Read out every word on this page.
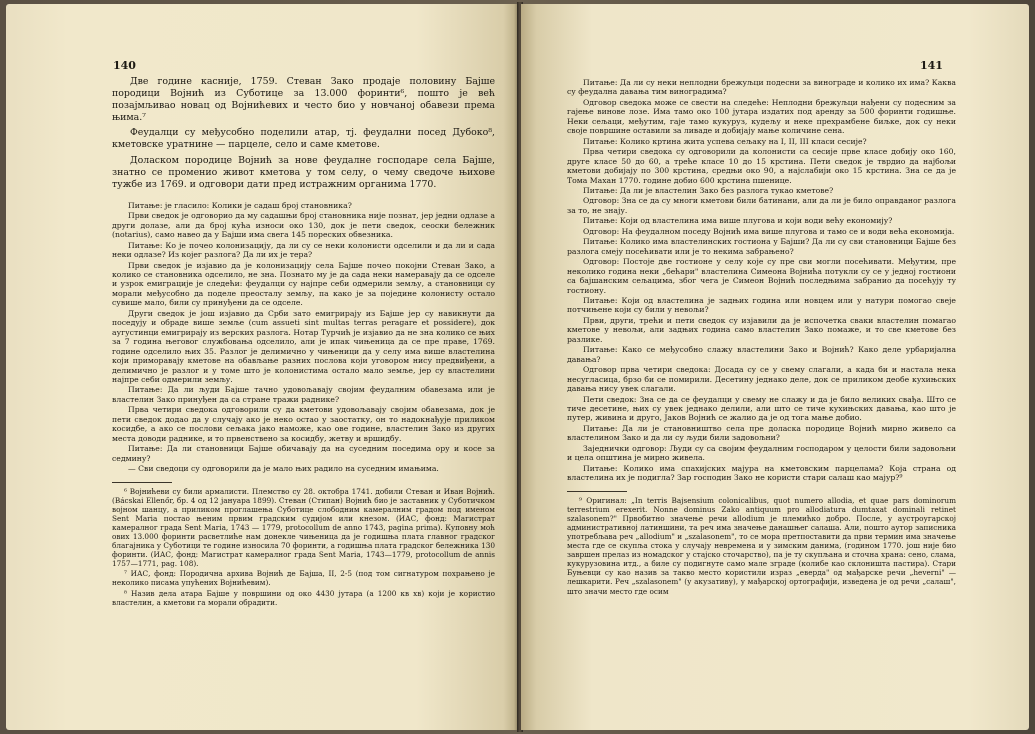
140

Две године касније, 1759. Стеван Зако продаје половину Бајше породици Војнић из Суботице за 13.000 форинти⁶, пошто је већ позајмљивао новац од Војнићевих и често био у новчаној обавези према њима.⁷

Феудалци су међусобно поделили атар, тј. феудални посед Дубоко⁸, кметовске уратнине — парцеле, село и саме кметове.

Доласком породице Војнић за нове феудалне господаре села Бајше, знатно се променио живот кметова у том селу, о чему сведоче њихове тужбе из 1769. и одговори дати пред истражним органима 1770.

Питање: је гласило: Колики је садаш број становника?

Први сведок је одговорио да му садашњи број становника није познат, јер једни одлазе а други долазе, али да број кућа износи око 130, док је пети сведок, сеоски бележник (notarius), само навео да у Бајши има свега 145 пореских обвезника.

Питање: Ко је почео колонизацију, да ли су се неки колонисти одселили и да ли и сада неки одлазе? Из којег разлога? Да ли их је тера?

Први сведок је изјавио да је колонизацију села Бајше почео покојни Стеван Зако, а колико се становника одселило, не зна. Познато му је да сада неки намеравају да се одселе и узрок емиграције је следећи: феудалци су најпре себи одмерили земљу, а становници су морали међусобно да поделе преосталу земљу, па како је за поједине колонисту остало сувише мало, били су принуђени да се одселе.

Други сведок је још изјавио да Срби зато емигрирају из Бајше јер су навикнути да поседују и обраде више земље (cum assueti sint multas terras peragare et possidere), док аугустинци емигрирају из верских разлога. Нотар Турчић је изјавио да не зна колико се њих за 7 година његовог службовања одселило, али је ипак чињеница да се пре праве, 1769. године одселило њих 35. Разлог је делимично у чињеници да у селу има више властелина који приморавају кметове на обављање разних послова који уговором нису предвиђени, а делимично је разлог и у томе што је колонистима остало мало земље, јер су властелини најпре себи одмерили земљу.

Питање: Да ли људи Бајше тачно удовољавају својим феудалним обавезама или је властелин Зако принуђен да са стране тражи раднике?

Прва четири сведока одговорили су да кметови удовољавају својим обавезама, док је пети сведок додао да у случају ако је неко остао у заостатку, он то надокнађује приликом косидбе, а ако се послови сељака јако наможе, као ове године, властелин Зако из других места доводи раднике, и то првенствено за косидбу, жетву и вршидбу.

Питање: Да ли становници Бајше обичавају да на суседним поседима ору и косе за седмину?

— Сви сведоци су одговорили да је мало њих радило на суседним имањима.

⁶ Војнићеви су били армалисти. Племство су 28. октобра 1741. добили Стеван и Иван Војнић. (Bácskai Ellenőr, бр. 4 од 12 јануара 1899). Стеван (Стипан) Војнић био је заставник у Суботичком војном шанцу, а приликом проглашења Суботице слободним камералним градом под именом Sent Maria постао њеним првим градским судијом или кнезом. (ИАС, фонд: Магистрат камералног града Sent Maria, 1743 — 1779, protocollum de anno 1743, pagina prima). Куповну моћ ових 13.000 форинти расветлиће нам донекле чињеница да је годишња плата главног градског благајника у Суботици те године износила 70 форинти, а годишња плата градског бележника 130 форинти. (ИАС, фонд: Магистрат камералног града Sent Maria, 1743—1779, protocollum de annis 1757—1771, pag. 108).

⁷ ИАС, фонд: Породична архива Војнић де Бајша, II, 2-5 (под том сигнатуром похрањено је неколико писама упућених Војнићевим).

⁸ Назив дела атара Бајше у површини од око 4430 јутара (а 1200 кв хв) који је користио властелин, а кметови га морали обрадити.

141

Питање: Да ли су неки неплодни брежуљци подесни за винограде и колико их има? Каква су феудална давања тим виноградима?

Одговор сведока може се свести на следеће: Неплодни брежуљци нађени су подесним за гајење винове лозе. Има тамо око 100 јутара издатих под аренду за 500 форинти годишње. Неки сељаци, међутим, гаје тамо кукуруз, кудељу и неке прехрамбене биљке, док су неки своје површине оставили за ливаде и добијају мање количине сена.

Питање: Колико кртина жита успева сељаку на I, II, III класи сесије?

Прва четири сведока су одговорили да колонисти са сесије прве класе добију око 160, друге класе 50 до 60, а треће класе 10 до 15 крстина. Пети сведок је тврдио да најбољи кметови добијају по 300 крстина, средњи око 90, а најслабији око 15 крстина. Зна се да је Тома Махан 1770. године добио 600 крстина пшенице.

Питање: Да ли је властелин Зако без разлога тукао кметове?

Одговор: Зна се да су многи кметови били батинани, али да ли је било оправданог разлога за то, не знају.

Питање: Који од властелина има више плугова и који води већу економију?

Одговор: На феудалном поседу Војнић има више плугова и тамо се и води већа економија.

Питање: Колико има властелинских гостиона у Бајши? Да ли су сви становници Бајше без разлога смеју посећивати или је то некима забрањено?

Одговор: Постоје две гостионе у селу које су пре сви могли посећивати. Међутим, пре неколико година неки „бећари" властелина Симеона Војнића потукли су се у једној гостиони са бајшанским сељацима, због чега је Симеон Војнић последњима забранио да посећују ту гостиону.

Питање: Који од властелина је задњих година или новцем или у натури помогао свеје потчињене који су били у невољи?

Први, други, трећи и пети сведок су изјавили да је испочетка сваки властелин помагао кметове у невољи, али задњих година само властелин Зако помаже, и то све кметове без разлике.

Питање: Како се међусобно слажу властелини Зако и Војнић? Како деле урбаријална давања?

Одговор прва четири сведока: Досада су се у свему слагали, а када би и настала нека несугласица, брзо би се помирили. Десетину једнако деле, док се приликом деобе кухињских давања нису увек слагали.

Пети сведок: Зна се да се феудалци у свему не слажу и да је било великих свађа. Што се тиче десетине, њих су увек једнако делили, али што се тиче кухињских давања, као што је путер, живина и друго, Јаков Војнић се жалио да је од тога мање добио.

Питање: Да ли је становништво села пре доласка породице Војнић мирно живело са властелином Зако и да ли су људи били задовољни?

Заједнички одговор: Људи су са својим феудалним господаром у целости били задовољни и цела општина је мирно живела.

Питање: Колико има спахијских мајура на кметовским парцелама? Која страна од властелина их је подигла? Зар господин Зако не користи стари салаш као мајур?⁹

⁹ Оригинал: „In terris Bajsensium colonicalibus, quot numero allodia, et quae pars dominorum terrestrium erexerit. Nonne dominus Zako antiquum pro allodiatura dumtaxat dominali retinet szalasonem?" Првобитно значење речи allodium је племићко добро. После, у аустроугарској административној латиншини, та реч има значење данашњег салаша. Али, пошто аутор записника употребљава реч „allodium" и „szalasonem", то се мора претпоставити да први термин има значење места где се скупља стока у случају невремена и у зимским данима, (годином 1770. још није био завршен прелаз из номадског у стајско сточарство), па је ту скупљана и сточна храна: сено, слама, кукурузовина итд., а биле су подигнуте само мале зграде (колибе као склоништа пастира). Стари Буњевци су као назив за такво место користили израз „еверда" од мађарске речи „heverni" — лешкарити. Реч „szalasonem" (у акузативу), у мађарској ортографији, изведена је од речи „салаш", што значи место где осим
